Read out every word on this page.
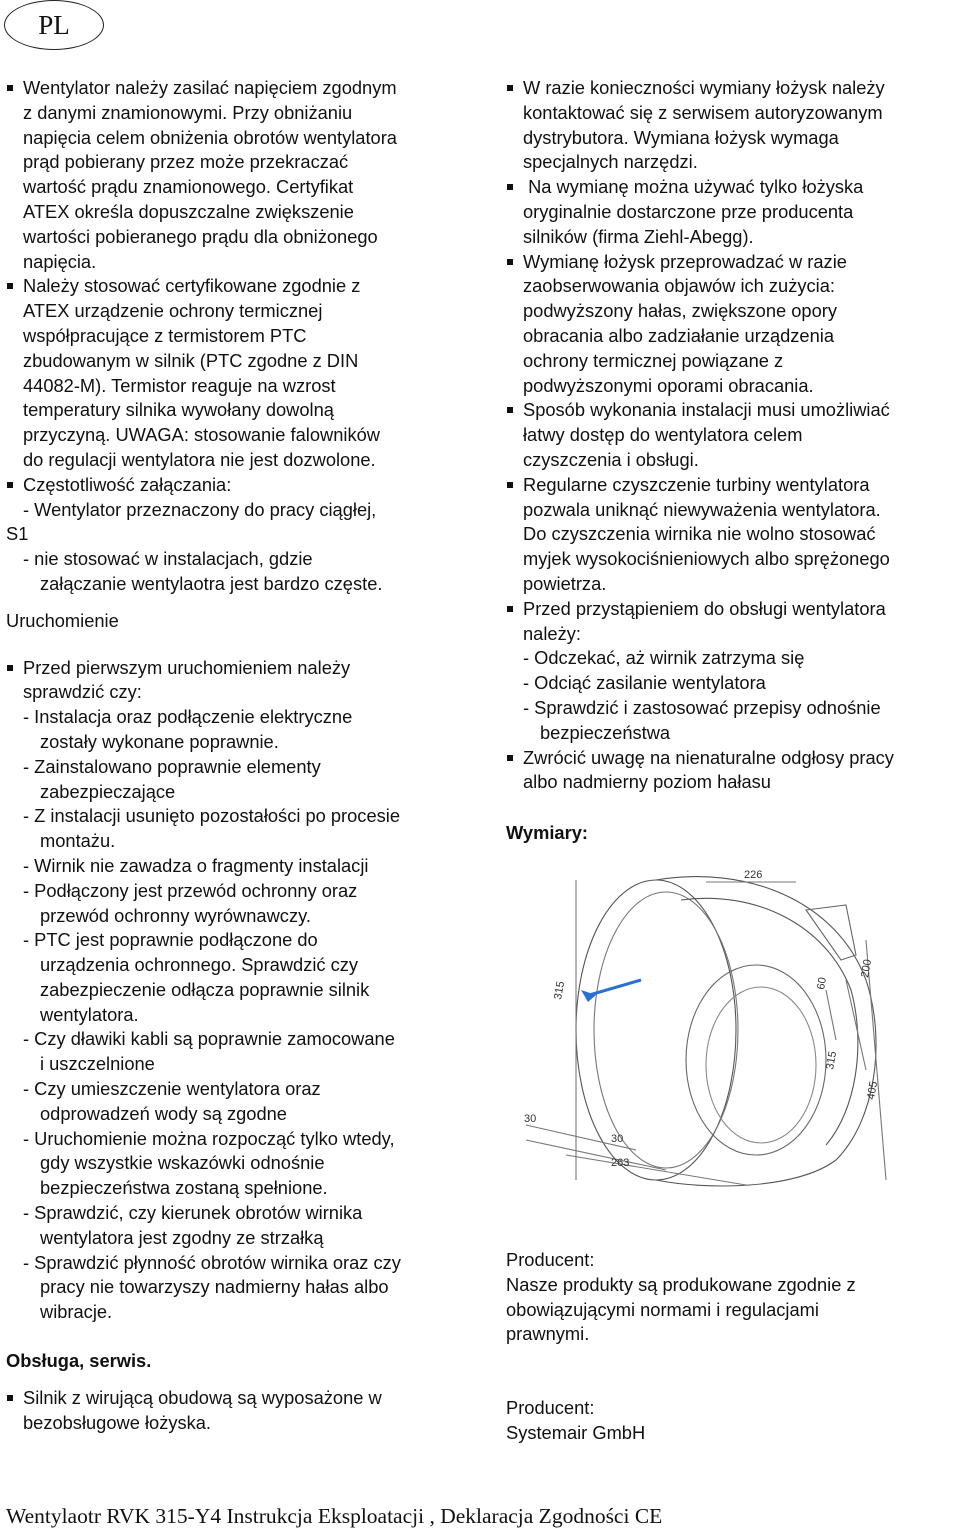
PL
Wentylator należy zasilać napięciem zgodnym
z danymi znamionowymi. Przy obniżaniu
napięcia celem obniżenia obrotów wentylatora
prąd pobierany przez może przekraczać
wartość prądu znamionowego. Certyfikat
ATEX określa dopuszczalne zwiększenie
wartości pobieranego prądu dla obniżonego
napięcia.
Należy stosować certyfikowane zgodnie z
ATEX urządzenie ochrony termicznej
współpracujące z termistorem PTC
zbudowanym w silnik (PTC zgodne z DIN
44082-M). Termistor reaguje na wzrost
temperatury silnika wywołany dowolną
przyczyną. UWAGA: stosowanie falowników
do regulacji wentylatora nie jest dozwolone.
Częstotliwość załączania:
- Wentylator przeznaczony do pracy ciągłej,
S1
- nie stosować w instalacjach, gdzie
załączanie wentylaotra jest bardzo częste.
Uruchomienie
Przed pierwszym uruchomieniem należy
sprawdzić czy:
- Instalacja oraz podłączenie elektryczne
zostały wykonane poprawnie.
- Zainstalowano poprawnie elementy
zabezpieczające
- Z instalacji usunięto pozostałości po procesie
montażu.
- Wirnik nie zawadza o fragmenty instalacji
- Podłączony jest przewód ochronny oraz
przewód ochronny wyrównawczy.
- PTC jest poprawnie podłączone do
urządzenia ochronnego. Sprawdzić czy
zabezpieczenie odłącza poprawnie silnik
wentylatora.
- Czy dławiki kabli są poprawnie zamocowane
i uszczelnione
- Czy umieszczenie wentylatora oraz
odprowadzeń wody są zgodne
- Uruchomienie można rozpocząć tylko wtedy,
gdy wszystkie wskazówki odnośnie
bezpieczeństwa zostaną spełnione.
- Sprawdzić, czy kierunek obrotów wirnika
wentylatora jest zgodny ze strzałką
- Sprawdzić płynność obrotów wirnika oraz czy
pracy nie towarzyszy nadmierny hałas albo
wibracje.
Obsługa, serwis.
Silnik z wirującą obudową są wyposażone w
bezobsługowe łożyska.
W razie konieczności wymiany łożysk należy
kontaktować się z serwisem autoryzowanym
dystrybutora. Wymiana łożysk wymaga
specjalnych narzędzi.
Na wymianę można używać tylko łożyska
oryginalnie dostarczone prze producenta
silników (firma Ziehl-Abegg).
Wymianę łożysk przeprowadzać w razie
zaobserwowania objawów ich zużycia:
podwyższony hałas, zwiększone opory
obracania albo zadziałanie urządzenia
ochrony termicznej powiązane z
podwyższonymi oporami obracania.
Sposób wykonania instalacji musi umożliwiać
łatwy dostęp do wentylatora celem
czyszczenia i obsługi.
Regularne czyszczenie turbiny wentylatora
pozwala uniknąć niewyważenia wentylatora.
Do czyszczenia wirnika nie wolno stosować
myjek wysokociśnieniowych albo sprężonego
powietrza.
Przed przystąpieniem do obsługi wentylatora
należy:
- Odczekać, aż wirnik zatrzyma się
- Odciąć zasilanie wentylatora
- Sprawdzić i zastosować przepisy odnośnie
bezpieczeństwa
Zwrócić uwagę na nienaturalne odgłosy pracy
albo nadmierny poziom hałasu
Wymiary:
226
315	60
200
315
405
30
30
263
Producent:
Nasze produkty są produkowane zgodnie z
obowiązującymi normami i regulacjami
prawnymi.
Producent:
Systemair GmbH
Wentylaotr RVK 315-Y4 Instrukcja Eksploatacji , Deklaracja Zgodności CE
